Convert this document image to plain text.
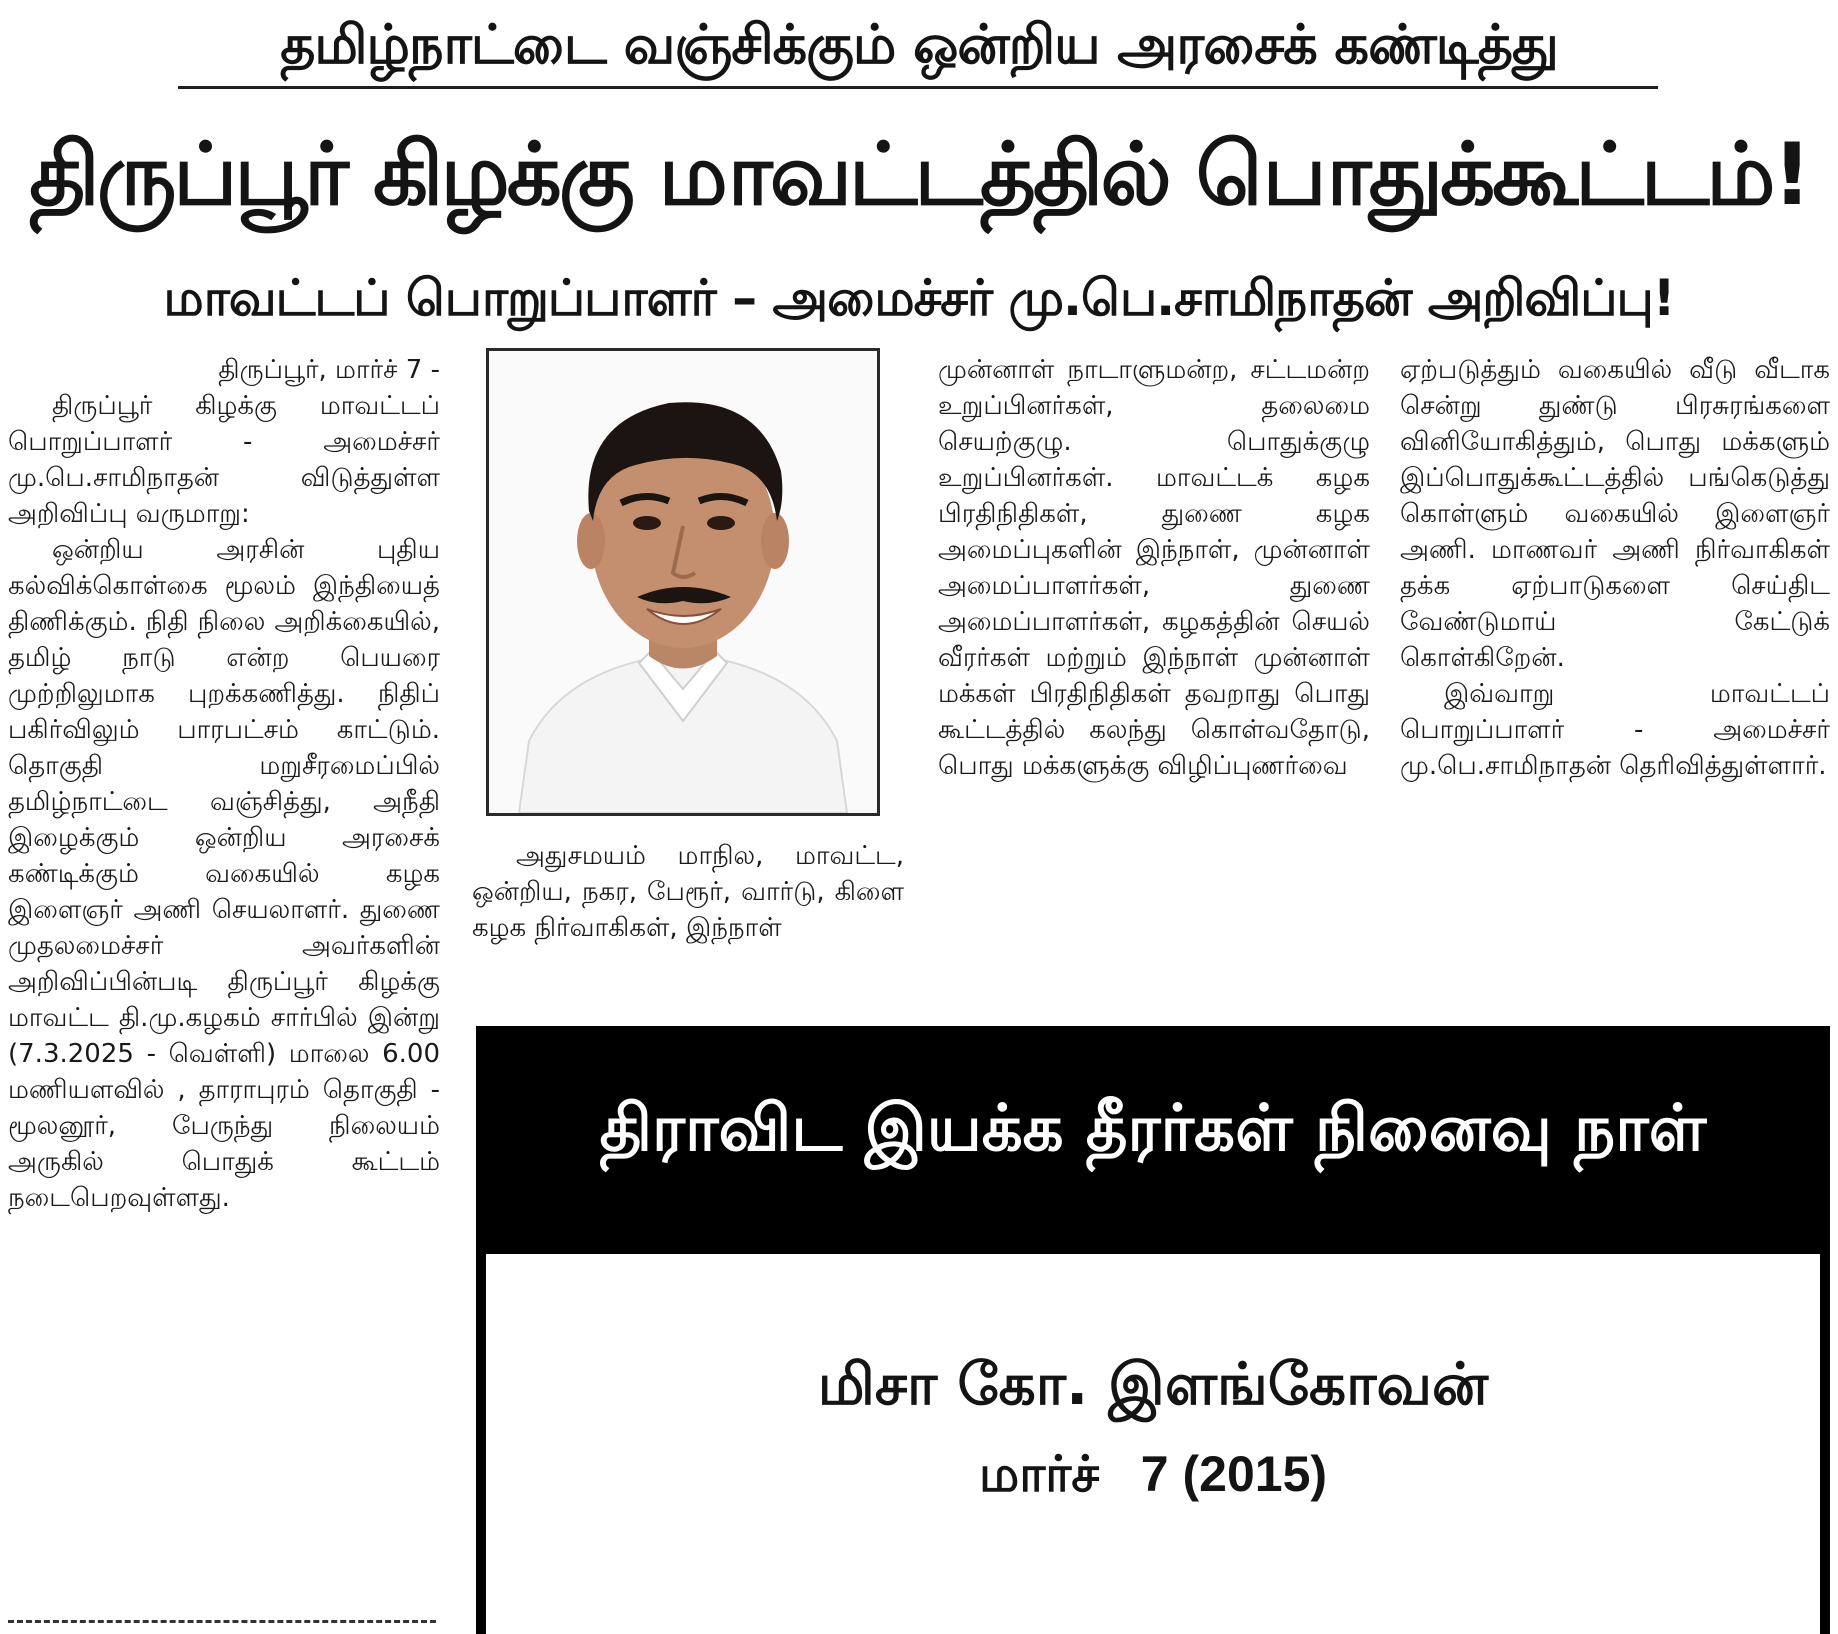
தமிழ்நாட்டை வஞ்சிக்கும் ஒன்றிய அரசைக் கண்டித்து
திருப்பூர் கிழக்கு மாவட்டத்தில் பொதுக்கூட்டம்!
மாவட்டப் பொறுப்பாளர் – அமைச்சர் மு.பெ.சாமிநாதன் அறிவிப்பு!

திருப்பூர், மார்ச் 7 -

திருப்பூர் கிழக்கு மாவட்டப் பொறுப்பாளர் - அமைச்சர் மு.பெ.சாமிநாதன் விடுத்துள்ள அறிவிப்பு வருமாறு:

ஒன்றிய அரசின் புதிய கல்விக்கொள்கை மூலம் இந்தியைத் திணிக்கும். நிதி நிலை அறிக்கையில், தமிழ் நாடு என்ற பெயரை முற்றிலுமாக புறக்கணித்து. நிதிப் பகிர்விலும் பாரபட்சம் காட்டும். தொகுதி மறுசீரமைப்பில் தமிழ்நாட்டை வஞ்சித்து, அநீதி இழைக்கும் ஒன்றிய அரசைக் கண்டிக்கும் வகையில் கழக இளைஞர் அணி செயலாளர். துணை முதலமைச்சர் அவர்களின் அறிவிப்பின்படி திருப்பூர் கிழக்கு மாவட்ட தி.மு.கழகம் சார்பில் இன்று (7.3.2025 - வெள்ளி) மாலை 6.00 மணியளவில் , தாராபுரம் தொகுதி - மூலனூர், பேருந்து நிலையம் அருகில் பொதுக் கூட்டம் நடைபெறவுள்ளது.

அதுசமயம் மாநில, மாவட்ட, ஒன்றிய, நகர, பேரூர், வார்டு, கிளை கழக நிர்வாகிகள், இந்நாள்

முன்னாள் நாடாளுமன்ற, சட்டமன்ற உறுப்பினர்கள், தலைமை செயற்குழு. பொதுக்குழு உறுப்பினர்கள். மாவட்டக் கழக பிரதிநிதிகள், துணை கழக அமைப்புகளின் இந்நாள், முன்னாள் அமைப்பாளர்கள், துணை அமைப்பாளர்கள், கழகத்தின் செயல் வீரர்கள் மற்றும் இந்நாள் முன்னாள் மக்கள் பிரதிநிதிகள் தவறாது பொது கூட்டத்தில் கலந்து கொள்வதோடு, பொது மக்களுக்கு விழிப்புணர்வை

ஏற்படுத்தும் வகையில் வீடு வீடாக சென்று துண்டு பிரசுரங்களை வினியோகித்தும், பொது மக்களும் இப்பொதுக்கூட்டத்தில் பங்கெடுத்து கொள்ளும் வகையில் இளைஞர் அணி. மாணவர் அணி நிர்வாகிகள் தக்க ஏற்பாடுகளை செய்திட வேண்டுமாய் கேட்டுக் கொள்கிறேன்.

இவ்வாறு மாவட்டப் பொறுப்பாளர் - அமைச்சர் மு.பெ.சாமிநாதன் தெரிவித்துள்ளார்.

திராவிட இயக்க தீரர்கள் நினைவு நாள்
மிசா கோ. இளங்கோவன்
மார்ச்   7 (2015)
